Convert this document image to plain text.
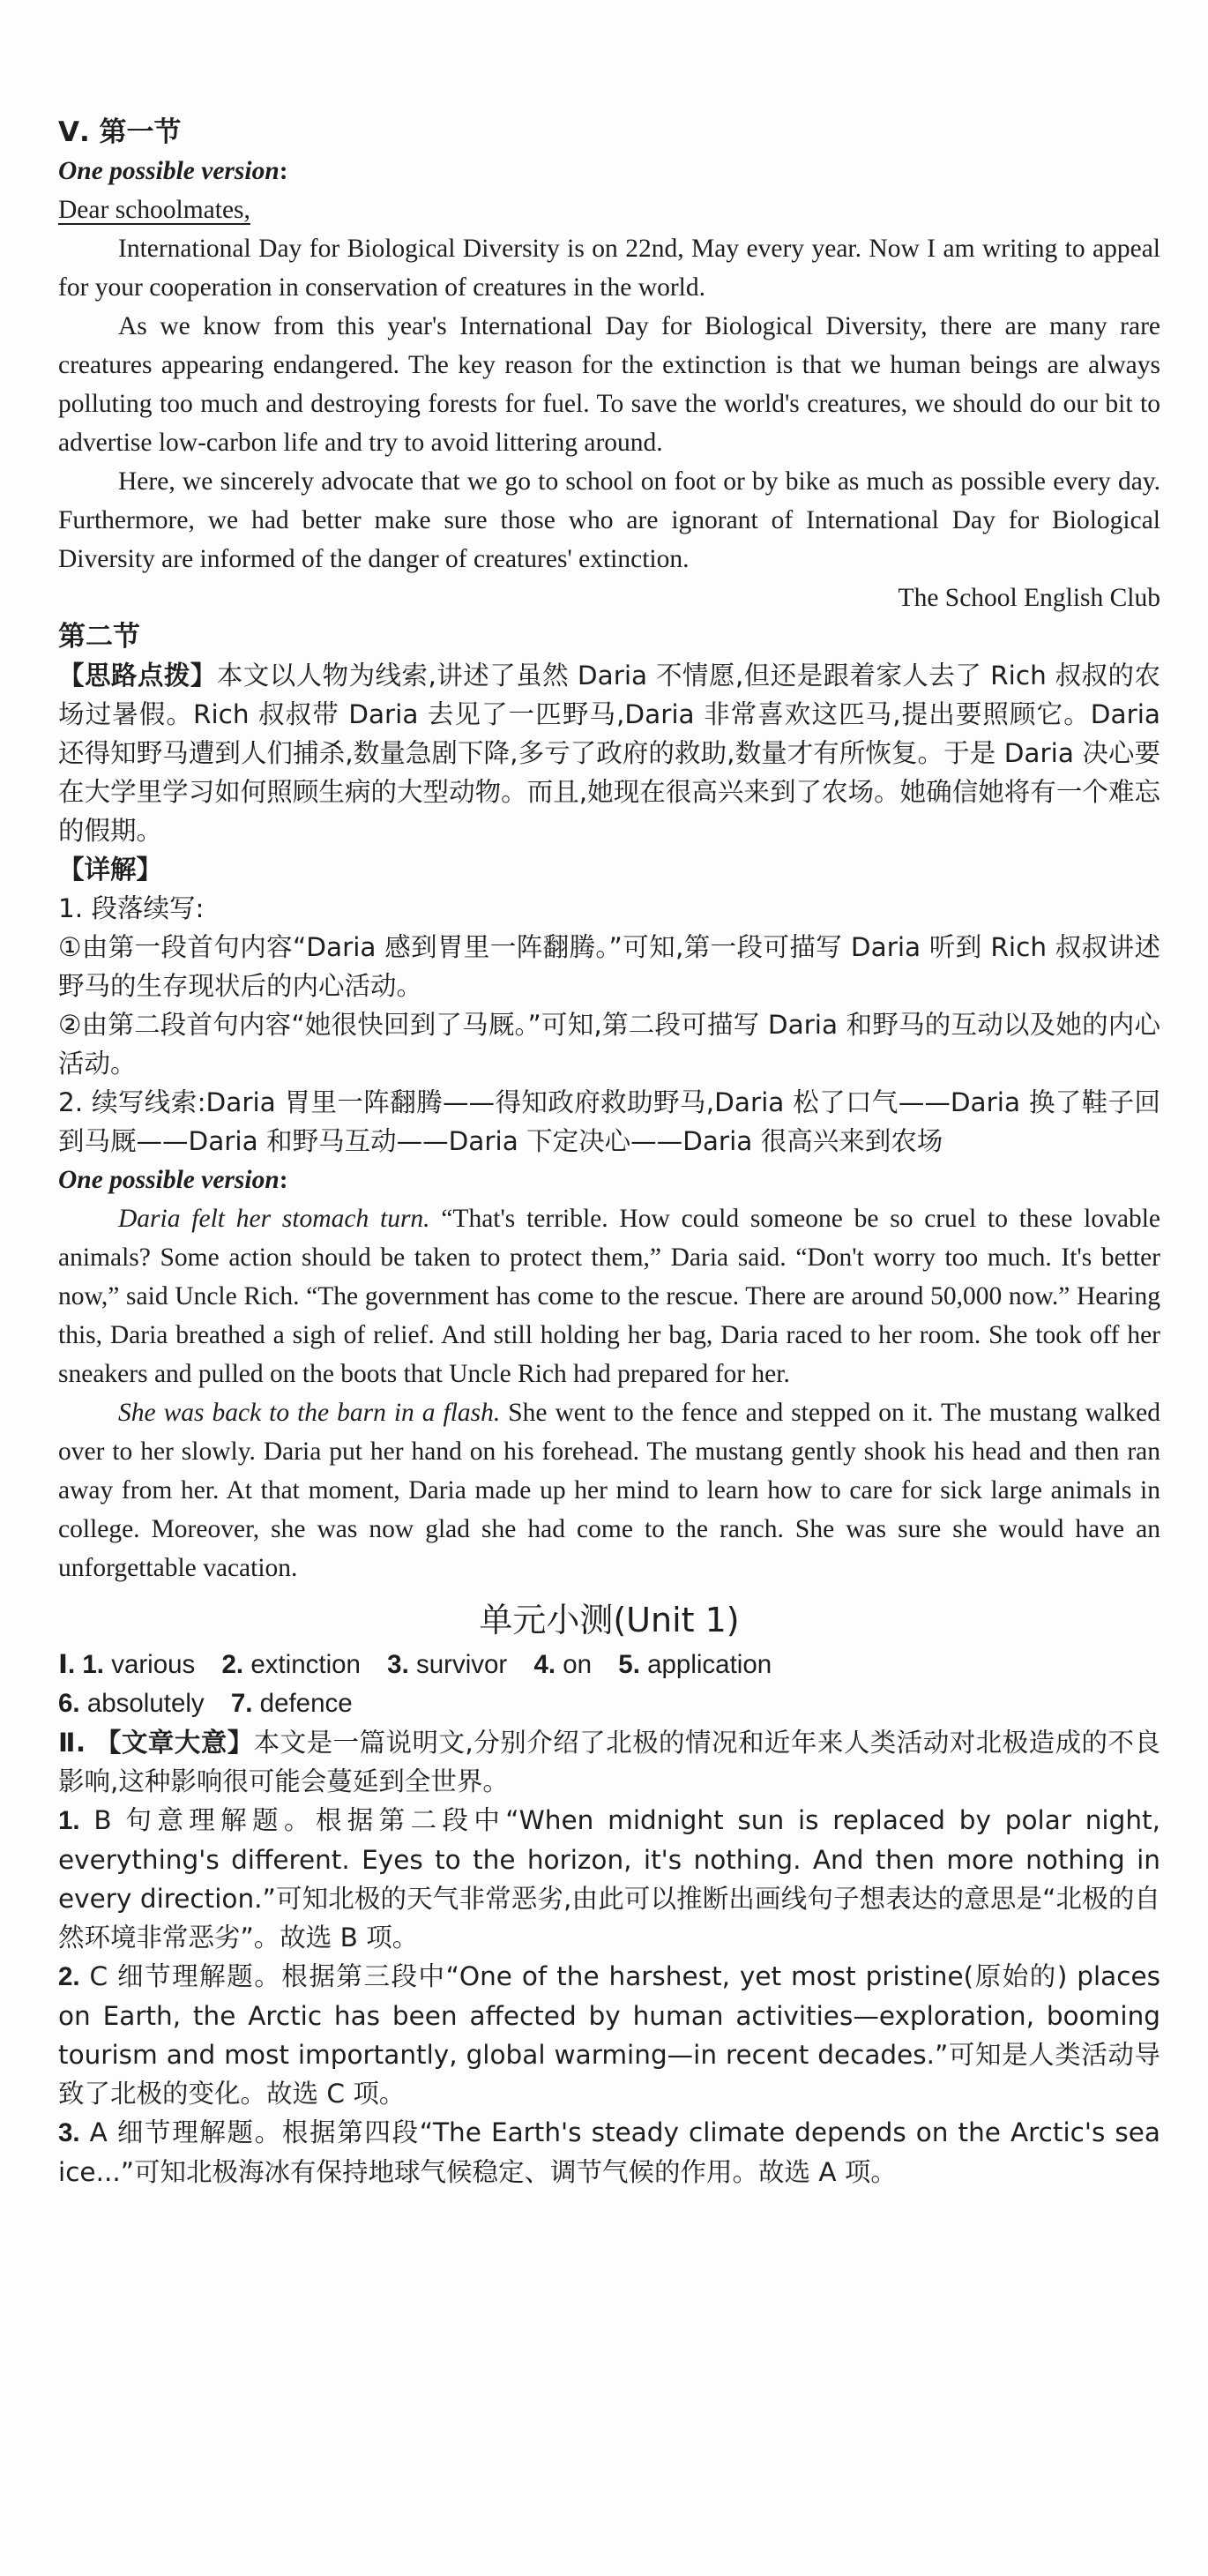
Ⅴ. 第一节

One possible version:

Dear schoolmates,

International Day for Biological Diversity is on 22nd, May every year. Now I am writing to appeal for your cooperation in conservation of creatures in the world.

As we know from this year's International Day for Biological Diversity, there are many rare creatures appearing endangered. The key reason for the extinction is that we human beings are always polluting too much and destroying forests for fuel. To save the world's creatures, we should do our bit to advertise low-carbon life and try to avoid littering around.

Here, we sincerely advocate that we go to school on foot or by bike as much as possible every day. Furthermore, we had better make sure those who are ignorant of International Day for Biological Diversity are informed of the danger of creatures' extinction.

The School English Club

第二节

【思路点拨】本文以人物为线索,讲述了虽然 Daria 不情愿,但还是跟着家人去了 Rich 叔叔的农场过暑假。Rich 叔叔带 Daria 去见了一匹野马,Daria 非常喜欢这匹马,提出要照顾它。Daria 还得知野马遭到人们捕杀,数量急剧下降,多亏了政府的救助,数量才有所恢复。于是 Daria 决心要在大学里学习如何照顾生病的大型动物。而且,她现在很高兴来到了农场。她确信她将有一个难忘的假期。

【详解】

1. 段落续写:

①由第一段首句内容“Daria 感到胃里一阵翻腾。”可知,第一段可描写 Daria 听到 Rich 叔叔讲述野马的生存现状后的内心活动。

②由第二段首句内容“她很快回到了马厩。”可知,第二段可描写 Daria 和野马的互动以及她的内心活动。

2. 续写线索:Daria 胃里一阵翻腾——得知政府救助野马,Daria 松了口气——Daria 换了鞋子回到马厩——Daria 和野马互动——Daria 下定决心——Daria 很高兴来到农场

One possible version:

Daria felt her stomach turn. “That's terrible. How could someone be so cruel to these lovable animals? Some action should be taken to protect them,” Daria said. “Don't worry too much. It's better now,” said Uncle Rich. “The government has come to the rescue. There are around 50,000 now.” Hearing this, Daria breathed a sigh of relief. And still holding her bag, Daria raced to her room. She took off her sneakers and pulled on the boots that Uncle Rich had prepared for her.

She was back to the barn in a flash. She went to the fence and stepped on it. The mustang walked over to her slowly. Daria put her hand on his forehead. The mustang gently shook his head and then ran away from her. At that moment, Daria made up her mind to learn how to care for sick large animals in college. Moreover, she was now glad she had come to the ranch. She was sure she would have an unforgettable vacation.

单元小测(Unit 1)

Ⅰ. 1. various 2. extinction 3. survivor 4. on 5. application

6. absolutely 7. defence

Ⅱ. 【文章大意】本文是一篇说明文,分别介绍了北极的情况和近年来人类活动对北极造成的不良影响,这种影响很可能会蔓延到全世界。

1. B 句意理解题。根据第二段中“When midnight sun is replaced by polar night, everything's different. Eyes to the horizon, it's nothing. And then more nothing in every direction.”可知北极的天气非常恶劣,由此可以推断出画线句子想表达的意思是“北极的自然环境非常恶劣”。故选 B 项。

2. C 细节理解题。根据第三段中“One of the harshest, yet most pristine(原始的) places on Earth, the Arctic has been affected by human activities—exploration, booming tourism and most importantly, global warming—in recent decades.”可知是人类活动导致了北极的变化。故选 C 项。

3. A 细节理解题。根据第四段“The Earth's steady climate depends on the Arctic's sea ice...”可知北极海冰有保持地球气候稳定、调节气候的作用。故选 A 项。
